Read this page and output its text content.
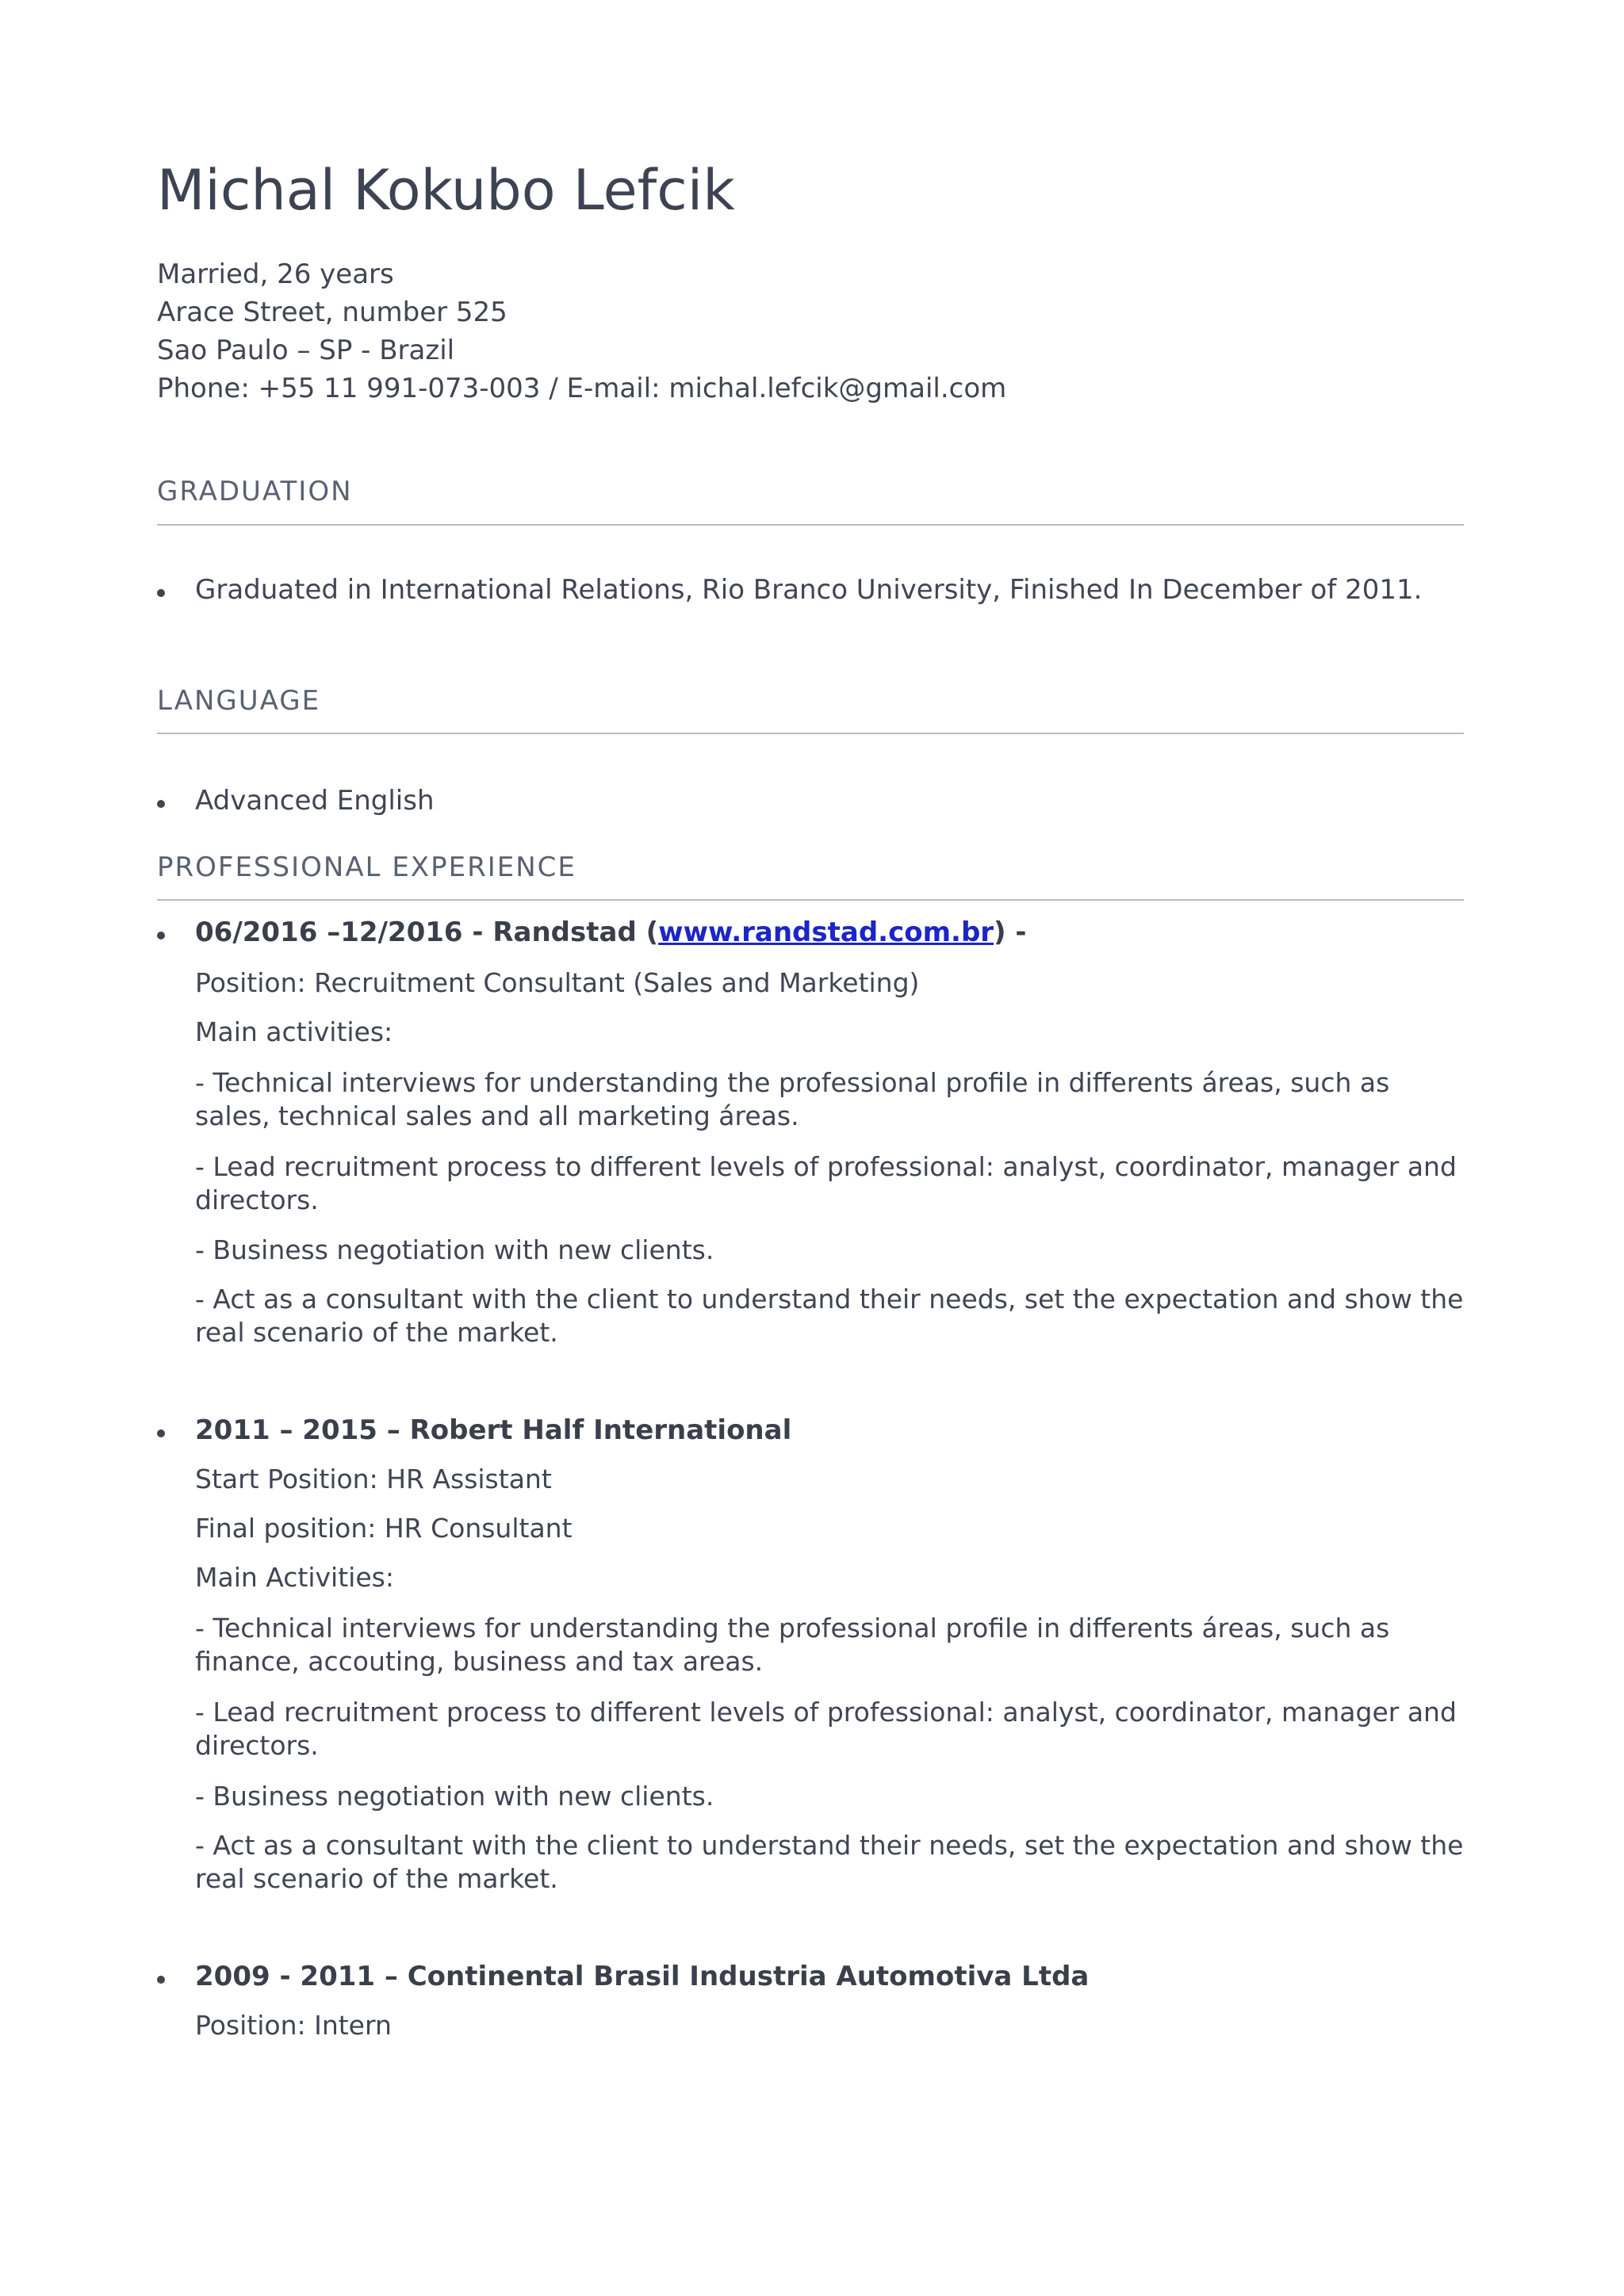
Michal Kokubo Lefcik
Married, 26 years
Arace Street, number 525
Sao Paulo – SP - Brazil
Phone: +55 11 991-073-003 / E-mail: michal.lefcik@gmail.com
GRADUATION
Graduated in International Relations, Rio Branco University, Finished In December of 2011.
LANGUAGE
Advanced English
PROFESSIONAL EXPERIENCE
06/2016 –12/2016 - Randstad (www.randstad.com.br) -
Position: Recruitment Consultant (Sales and Marketing)
Main activities:
- Technical interviews for understanding the professional profile in differents áreas, such as sales, technical sales and all marketing áreas.
- Lead recruitment process to different levels of professional: analyst, coordinator, manager and directors.
- Business negotiation with new clients.
- Act as a consultant with the client to understand their needs, set the expectation and show the real scenario of the market.
2011 – 2015 – Robert Half International
Start Position: HR Assistant
Final position: HR Consultant
Main Activities:
- Technical interviews for understanding the professional profile in differents áreas, such as finance, accouting, business and tax areas.
- Lead recruitment process to different levels of professional: analyst, coordinator, manager and directors.
- Business negotiation with new clients.
- Act as a consultant with the client to understand their needs, set the expectation and show the real scenario of the market.
2009 - 2011 – Continental Brasil Industria Automotiva Ltda
Position: Intern
